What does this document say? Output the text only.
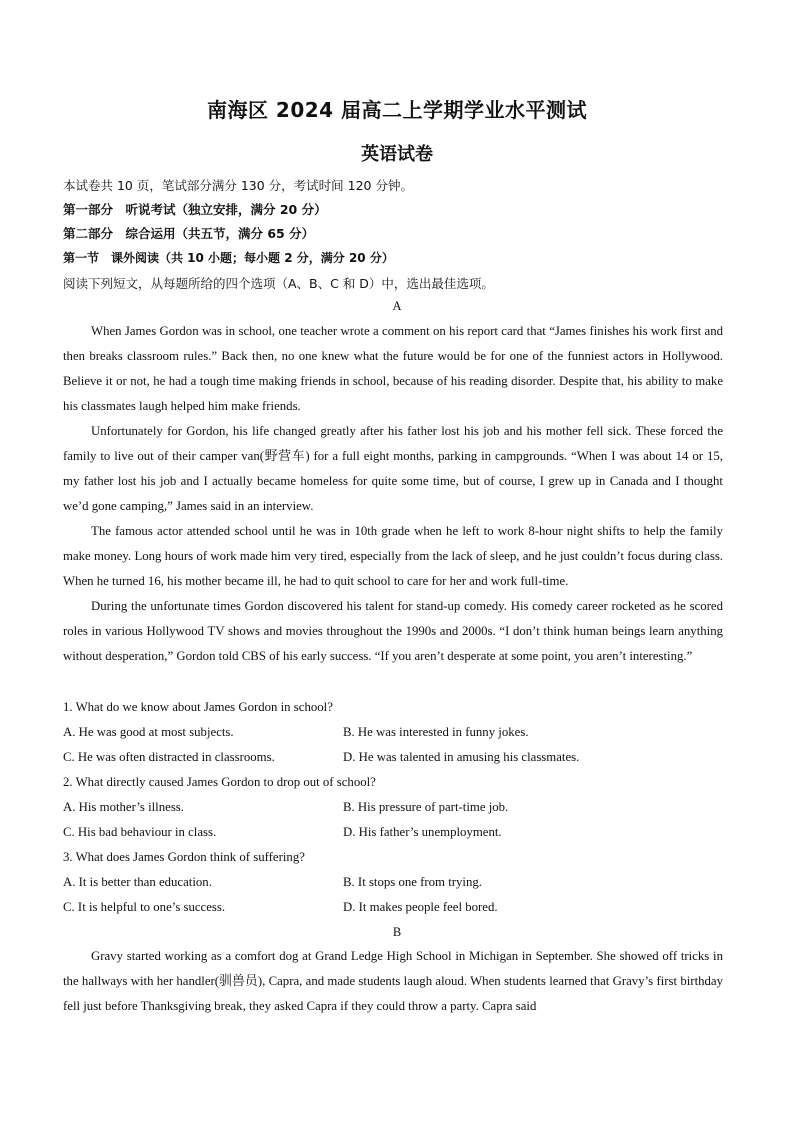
南海区 2024 届高二上学期学业水平测试
英语试卷
本试卷共 10 页，笔试部分满分 130 分，考试时间 120 分钟。
第一部分　听说考试（独立安排，满分 20 分）
第二部分　综合运用（共五节，满分 65 分）
第一节　课外阅读（共 10 小题；每小题 2 分，满分 20 分）
阅读下列短文，从每题所给的四个选项（A、B、C 和 D）中，选出最佳选项。
A

When James Gordon was in school, one teacher wrote a comment on his report card that “James finishes his work first and then breaks classroom rules.” Back then, no one knew what the future would be for one of the funniest actors in Hollywood. Believe it or not, he had a tough time making friends in school, because of his reading disorder. Despite that, his ability to make his classmates laugh helped him make friends.

Unfortunately for Gordon, his life changed greatly after his father lost his job and his mother fell sick. These forced the family to live out of their camper van(野营车) for a full eight months, parking in campgrounds. “When I was about 14 or 15, my father lost his job and I actually became homeless for quite some time, but of course, I grew up in Canada and I thought we’d gone camping,” James said in an interview.

The famous actor attended school until he was in 10th grade when he left to work 8-hour night shifts to help the family make money. Long hours of work made him very tired, especially from the lack of sleep, and he just couldn’t focus during class. When he turned 16, his mother became ill, he had to quit school to care for her and work full-time.

During the unfortunate times Gordon discovered his talent for stand-up comedy. His comedy career rocketed as he scored roles in various Hollywood TV shows and movies throughout the 1990s and 2000s. “I don’t think human beings learn anything without desperation,” Gordon told CBS of his early success. “If you aren’t desperate at some point, you aren’t interesting.”

1. What do we know about James Gordon in school?
A. He was good at most subjects.	B. He was interested in funny jokes.
C. He was often distracted in classrooms.	D. He was talented in amusing his classmates.
2. What directly caused James Gordon to drop out of school?
A. His mother’s illness.	B. His pressure of part-time job.
C. His bad behaviour in class.	D. His father’s unemployment.
3. What does James Gordon think of suffering?
A. It is better than education.	B. It stops one from trying.
C. It is helpful to one’s success.	D. It makes people feel bored.
B

Gravy started working as a comfort dog at Grand Ledge High School in Michigan in September. She showed off tricks in the hallways with her handler(驯兽员), Capra, and made students laugh aloud. When students learned that Gravy’s first birthday fell just before Thanksgiving break, they asked Capra if they could throw a party. Capra said
